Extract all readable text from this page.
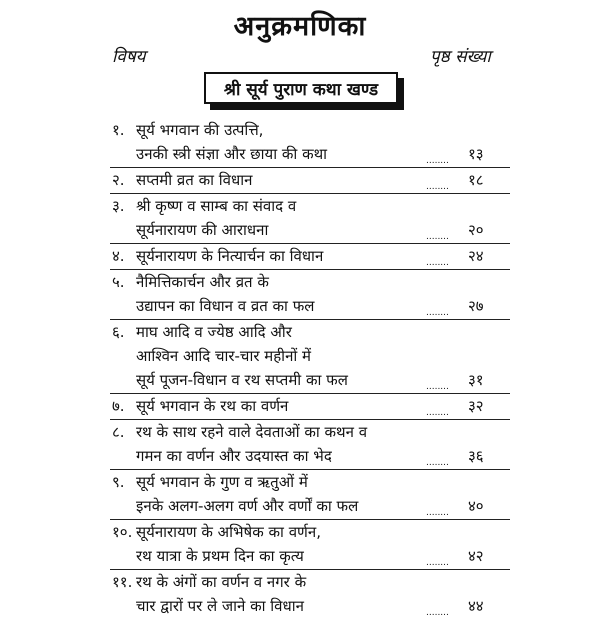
अनुक्रमणिका
विषय	पृष्ठ संख्या
श्री सूर्य पुराण कथा खण्ड
१. सूर्य भगवान की उत्पत्ति,
उनकी स्त्री संज्ञा और छाया की कथा	........ १३
२. सप्तमी व्रत का विधान	........ १८
३. श्री कृष्ण व साम्ब का संवाद व
सूर्यनारायण की आराधना	........ २०
४. सूर्यनारायण के नित्यार्चन का विधान	........ २४
५. नैमित्तिकार्चन और व्रत के
उद्यापन का विधान व व्रत का फल	........ २७
६. माघ आदि व ज्येष्ठ आदि और
आश्विन आदि चार-चार महीनों में
सूर्य पूजन-विधान व रथ सप्तमी का फल	........ ३१
७. सूर्य भगवान के रथ का वर्णन	........ ३२
८. रथ के साथ रहने वाले देवताओं का कथन व
गमन का वर्णन और उदयास्त का भेद	........ ३६
९. सूर्य भगवान के गुण व ऋतुओं में
इनके अलग-अलग वर्ण और वर्णों का फल	........ ४०
१०. सूर्यनारायण के अभिषेक का वर्णन,
रथ यात्रा के प्रथम दिन का कृत्य	........ ४२
११. रथ के अंगों का वर्णन व नगर के
चार द्वारों पर ले जाने का विधान	........ ४४
